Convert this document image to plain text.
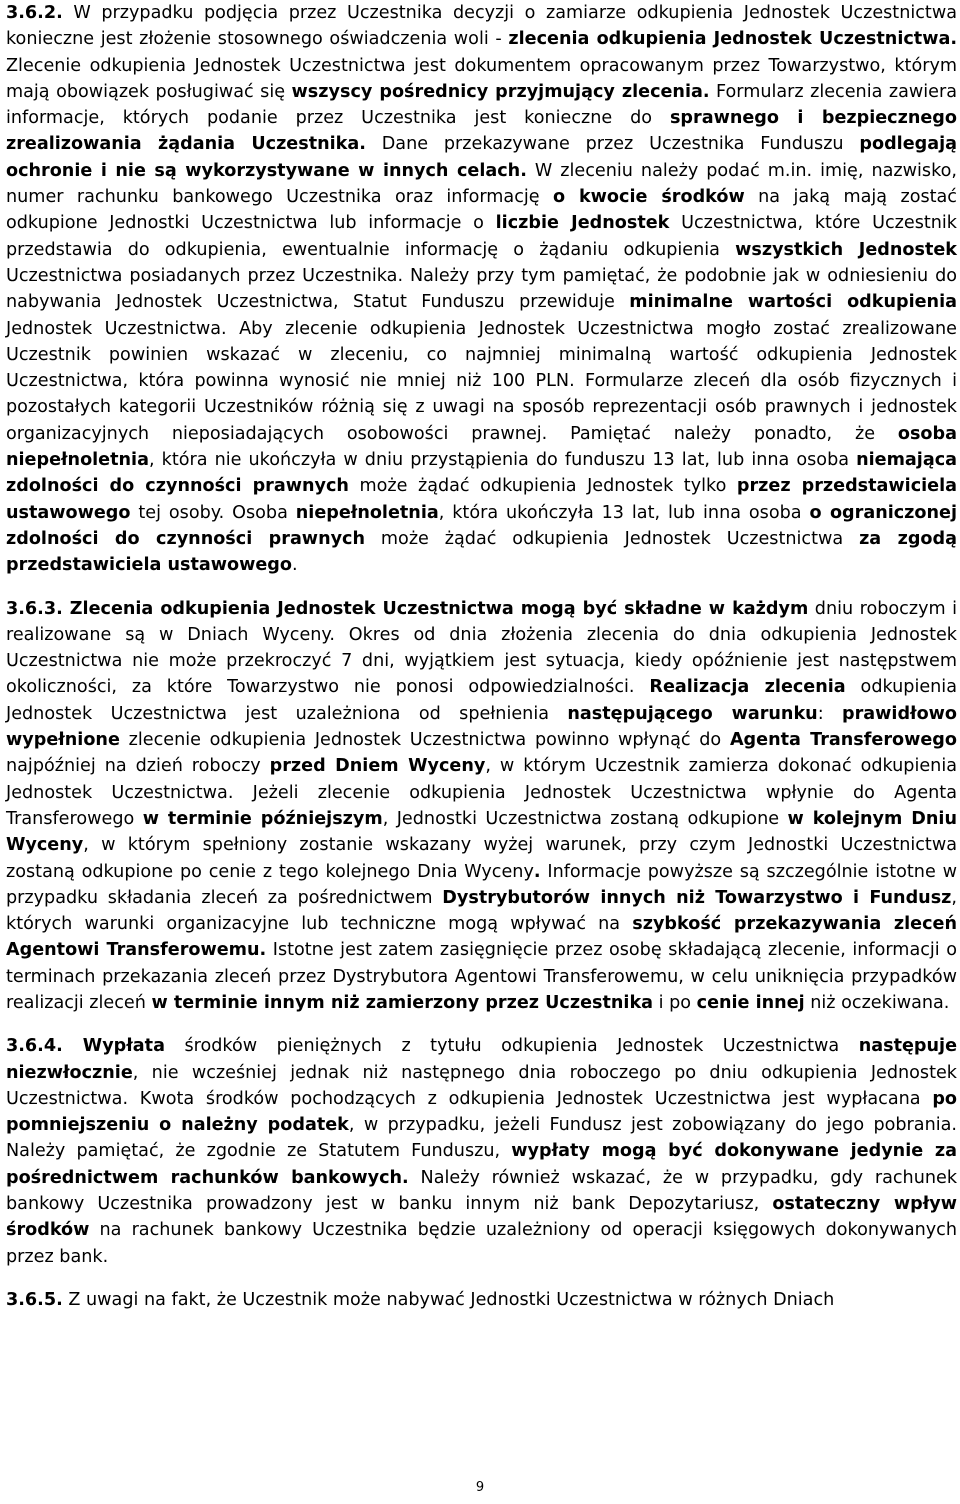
3.6.2. W przypadku podjęcia przez Uczestnika decyzji o zamiarze odkupienia Jednostek Uczestnictwa konieczne jest złożenie stosownego oświadczenia woli - zlecenia odkupienia Jednostek Uczestnictwa. Zlecenie odkupienia Jednostek Uczestnictwa jest dokumentem opracowanym przez Towarzystwo, którym mają obowiązek posługiwać się wszyscy pośrednicy przyjmujący zlecenia. Formularz zlecenia zawiera informacje, których podanie przez Uczestnika jest konieczne do sprawnego i bezpiecznego zrealizowania żądania Uczestnika. Dane przekazywane przez Uczestnika Funduszu podlegają ochronie i nie są wykorzystywane w innych celach. W zleceniu należy podać m.in. imię, nazwisko, numer rachunku bankowego Uczestnika oraz informację o kwocie środków na jaką mają zostać odkupione Jednostki Uczestnictwa lub informacje o liczbie Jednostek Uczestnictwa, które Uczestnik przedstawia do odkupienia, ewentualnie informację o żądaniu odkupienia wszystkich Jednostek Uczestnictwa posiadanych przez Uczestnika. Należy przy tym pamiętać, że podobnie jak w odniesieniu do nabywania Jednostek Uczestnictwa, Statut Funduszu przewiduje minimalne wartości odkupienia Jednostek Uczestnictwa. Aby zlecenie odkupienia Jednostek Uczestnictwa mogło zostać zrealizowane Uczestnik powinien wskazać w zleceniu, co najmniej minimalną wartość odkupienia Jednostek Uczestnictwa, która powinna wynosić nie mniej niż 100 PLN. Formularze zleceń dla osób fizycznych i pozostałych kategorii Uczestników różnią się z uwagi na sposób reprezentacji osób prawnych i jednostek organizacyjnych nieposiadających osobowości prawnej. Pamiętać należy ponadto, że osoba niepełnoletnia, która nie ukończyła w dniu przystąpienia do funduszu 13 lat, lub inna osoba niemająca zdolności do czynności prawnych może żądać odkupienia Jednostek tylko przez przedstawiciela ustawowego tej osoby. Osoba niepełnoletnia, która ukończyła 13 lat, lub inna osoba o ograniczonej zdolności do czynności prawnych może żądać odkupienia Jednostek Uczestnictwa za zgodą przedstawiciela ustawowego.

3.6.3. Zlecenia odkupienia Jednostek Uczestnictwa mogą być składne w każdym dniu roboczym i realizowane są w Dniach Wyceny. Okres od dnia złożenia zlecenia do dnia odkupienia Jednostek Uczestnictwa nie może przekroczyć 7 dni, wyjątkiem jest sytuacja, kiedy opóźnienie jest następstwem okoliczności, za które Towarzystwo nie ponosi odpowiedzialności. Realizacja zlecenia odkupienia Jednostek Uczestnictwa jest uzależniona od spełnienia następującego warunku: prawidłowo wypełnione zlecenie odkupienia Jednostek Uczestnictwa powinno wpłynąć do Agenta Transferowego najpóźniej na dzień roboczy przed Dniem Wyceny, w którym Uczestnik zamierza dokonać odkupienia Jednostek Uczestnictwa. Jeżeli zlecenie odkupienia Jednostek Uczestnictwa wpłynie do Agenta Transferowego w terminie późniejszym, Jednostki Uczestnictwa zostaną odkupione w kolejnym Dniu Wyceny, w którym spełniony zostanie wskazany wyżej warunek, przy czym Jednostki Uczestnictwa zostaną odkupione po cenie z tego kolejnego Dnia Wyceny. Informacje powyższe są szczególnie istotne w przypadku składania zleceń za pośrednictwem Dystrybutorów innych niż Towarzystwo i Fundusz, których warunki organizacyjne lub techniczne mogą wpływać na szybkość przekazywania zleceń Agentowi Transferowemu. Istotne jest zatem zasięgnięcie przez osobę składającą zlecenie, informacji o terminach przekazania zleceń przez Dystrybutora Agentowi Transferowemu, w celu uniknięcia przypadków realizacji zleceń w terminie innym niż zamierzony przez Uczestnika i po cenie innej niż oczekiwana.

3.6.4. Wypłata środków pieniężnych z tytułu odkupienia Jednostek Uczestnictwa następuje niezwłocznie, nie wcześniej jednak niż następnego dnia roboczego po dniu odkupienia Jednostek Uczestnictwa. Kwota środków pochodzących z odkupienia Jednostek Uczestnictwa jest wypłacana po pomniejszeniu o należny podatek, w przypadku, jeżeli Fundusz jest zobowiązany do jego pobrania. Należy pamiętać, że zgodnie ze Statutem Funduszu, wypłaty mogą być dokonywane jedynie za pośrednictwem rachunków bankowych. Należy również wskazać, że w przypadku, gdy rachunek bankowy Uczestnika prowadzony jest w banku innym niż bank Depozytariusz, ostateczny wpływ środków na rachunek bankowy Uczestnika będzie uzależniony od operacji księgowych dokonywanych przez bank.

3.6.5. Z uwagi na fakt, że Uczestnik może nabywać Jednostki Uczestnictwa w różnych Dniach

9
